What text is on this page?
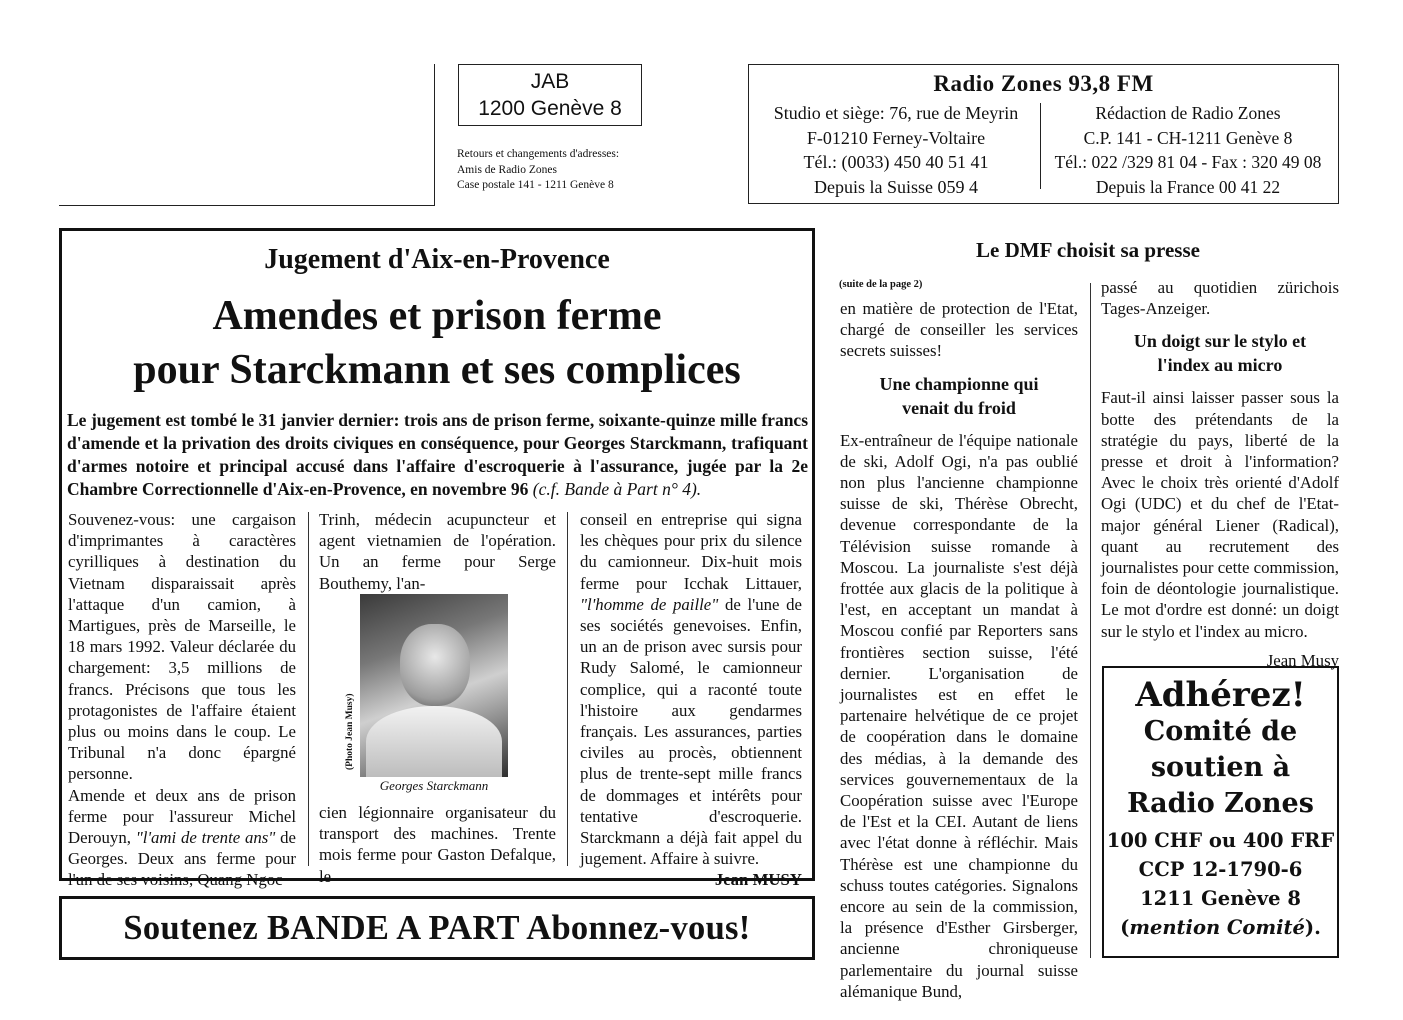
JAB
1200 Genève 8
Retours et changements d'adresses:
Amis de Radio Zones
Case postale 141 - 1211 Genève 8
Radio Zones 93,8 FM
Studio et siège: 76, rue de Meyrin
F-01210 Ferney-Voltaire
Tél.: (0033) 450 40 51 41
Depuis la Suisse 059 4
Rédaction de Radio Zones
C.P. 141 - CH-1211 Genève 8
Tél.: 022 /329 81 04 - Fax : 320 49 08
Depuis la France 00 41 22
Jugement d'Aix-en-Provence
Amendes et prison ferme
pour Starckmann et ses complices
Le jugement est tombé le 31 janvier dernier: trois ans de prison ferme, soixante-quinze mille francs d'amende et la privation des droits civiques en conséquence, pour Georges Starckmann, trafiquant d'armes notoire et principal accusé dans l'affaire d'escroquerie à l'assurance, jugée par la 2e Chambre Correctionnelle d'Aix-en-Provence, en novembre 96 (c.f. Bande à Part n° 4).
Souvenez-vous: une cargaison d'imprimantes à caractères cyrilliques à destination du Vietnam disparaissait après l'attaque d'un camion, à Martigues, près de Marseille, le 18 mars 1992. Valeur déclarée du chargement: 3,5 millions de francs. Précisons que tous les protagonistes de l'affaire étaient plus ou moins dans le coup. Le Tribunal n'a donc épargné personne.
Amende et deux ans de prison ferme pour l'assureur Michel Derouyn, "l'ami de trente ans" de Georges. Deux ans ferme pour l'un de ses voisins, Quang Ngoc
Trinh, médecin acupuncteur et agent vietnamien de l'opération. Un an ferme pour Serge Bouthemy, l'an-
(Photo Jean Musy)
Georges Starckmann
cien légionnaire organisateur du transport des machines. Trente mois ferme pour Gaston Defalque, le
conseil en entreprise qui signa les chèques pour prix du silence du camionneur. Dix-huit mois ferme pour Icchak Littauer, "l'homme de paille" de l'une de ses sociétés genevoises. Enfin, un an de prison avec sursis pour Rudy Salomé, le camionneur complice, qui a raconté toute l'histoire aux gendarmes français. Les assurances, parties civiles au procès, obtiennent plus de trente-sept mille francs de dommages et intérêts pour tentative d'escroquerie. Starckmann a déjà fait appel du jugement. Affaire à suivre.
Jean MUSY
Soutenez BANDE A PART Abonnez-vous!
Le DMF choisit sa presse
(suite de la page 2)
en matière de protection de l'Etat, chargé de conseiller les services secrets suisses!
Une championne qui venait du froid
Ex-entraîneur de l'équipe nationale de ski, Adolf Ogi, n'a pas oublié non plus l'ancienne championne suisse de ski, Thérèse Obrecht, devenue correspondante de la Télévision suisse romande à Moscou. La journaliste s'est déjà frottée aux glacis de la politique à l'est, en acceptant un mandat à Moscou confié par Reporters sans frontières section suisse, l'été dernier. L'organisation de journalistes est en effet le partenaire helvétique de ce projet de coopération dans le domaine des médias, à la demande des services gouvernementaux de la Coopération suisse avec l'Europe de l'Est et la CEI. Autant de liens avec l'état donne à réfléchir. Mais Thérèse est une championne du schuss toutes catégories. Signalons encore au sein de la commission, la présence d'Esther Girsberger, ancienne chroniqueuse parlementaire du journal suisse alémanique Bund,
passé au quotidien zürichois Tages-Anzeiger.
Un doigt sur le stylo et l'index au micro
Faut-il ainsi laisser passer sous la botte des prétendants de la stratégie du pays, liberté de la presse et droit à l'information? Avec le choix très orienté d'Adolf Ogi (UDC) et du chef de l'Etat-major général Liener (Radical), quant au recrutement des journalistes pour cette commission, foin de déontologie journalistique. Le mot d'ordre est donné: un doigt sur le stylo et l'index au micro.
Jean Musy
Adhérez!
Comité de
soutien à
Radio Zones
100 CHF ou 400 FRF
CCP 12-1790-6
1211 Genève 8
(mention Comité).
